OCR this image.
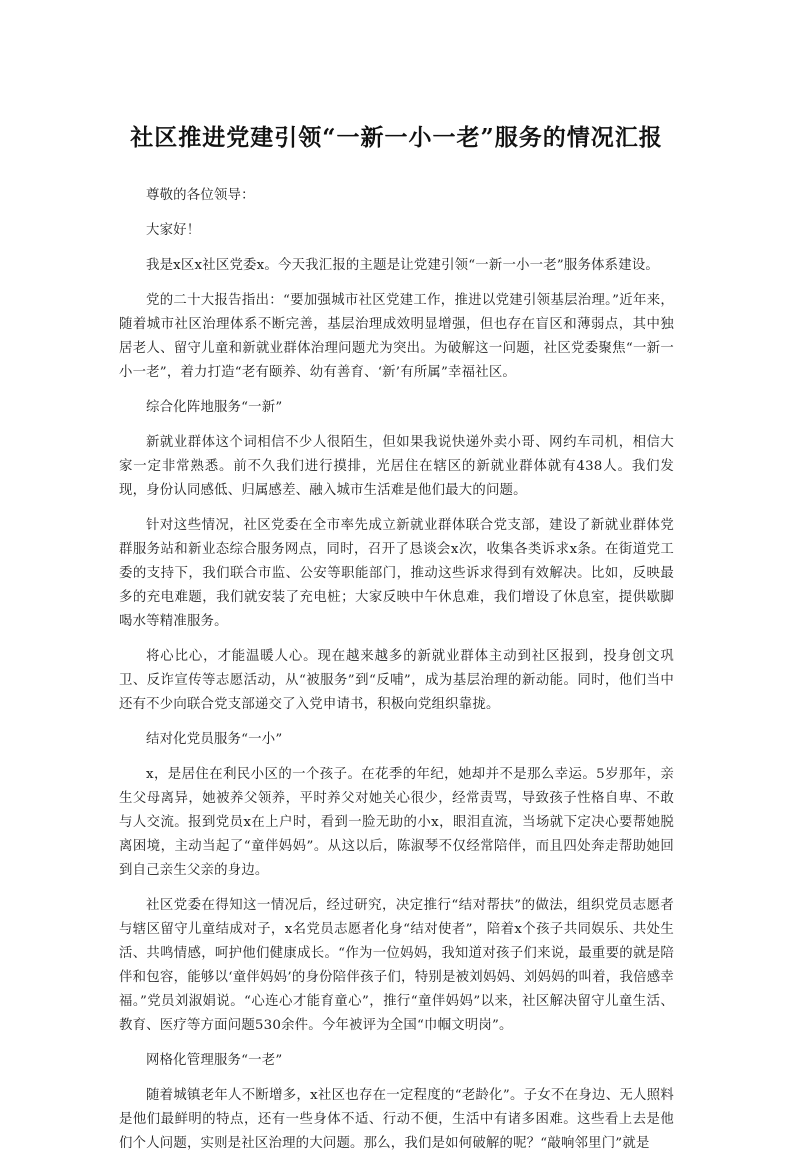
社区推进党建引领“一新一小一老”服务的情况汇报

尊敬的各位领导：

大家好！

我是x区x社区党委x。今天我汇报的主题是让党建引领“一新一小一老”服务体系建设。

党的二十大报告指出：“要加强城市社区党建工作，推进以党建引领基层治理。”近年来，随着城市社区治理体系不断完善，基层治理成效明显增强，但也存在盲区和薄弱点，其中独居老人、留守儿童和新就业群体治理问题尤为突出。为破解这一问题，社区党委聚焦“一新一小一老”，着力打造“老有颐养、幼有善育、‘新’有所属”幸福社区。

综合化阵地服务“一新”

新就业群体这个词相信不少人很陌生，但如果我说快递外卖小哥、网约车司机，相信大家一定非常熟悉。前不久我们进行摸排，光居住在辖区的新就业群体就有438人。我们发现，身份认同感低、归属感差、融入城市生活难是他们最大的问题。

针对这些情况，社区党委在全市率先成立新就业群体联合党支部，建设了新就业群体党群服务站和新业态综合服务网点，同时，召开了恳谈会x次，收集各类诉求x条。在街道党工委的支持下，我们联合市监、公安等职能部门，推动这些诉求得到有效解决。比如，反映最多的充电难题，我们就安装了充电桩；大家反映中午休息难，我们增设了休息室，提供歇脚喝水等精准服务。

将心比心，才能温暖人心。现在越来越多的新就业群体主动到社区报到，投身创文巩卫、反诈宣传等志愿活动，从“被服务”到“反哺”，成为基层治理的新动能。同时，他们当中还有不少向联合党支部递交了入党申请书，积极向党组织靠拢。

结对化党员服务“一小”

x，是居住在利民小区的一个孩子。在花季的年纪，她却并不是那么幸运。5岁那年，亲生父母离异，她被养父领养，平时养父对她关心很少，经常责骂，导致孩子性格自卑、不敢与人交流。报到党员x在上户时，看到一脸无助的小x，眼泪直流，当场就下定决心要帮她脱离困境，主动当起了“童伴妈妈”。从这以后，陈淑琴不仅经常陪伴，而且四处奔走帮助她回到自己亲生父亲的身边。

社区党委在得知这一情况后，经过研究，决定推行“结对帮扶”的做法，组织党员志愿者与辖区留守儿童结成对子，x名党员志愿者化身“结对使者”，陪着x个孩子共同娱乐、共处生活、共鸣情感，呵护他们健康成长。“作为一位妈妈，我知道对孩子们来说，最重要的就是陪伴和包容，能够以‘童伴妈妈’的身份陪伴孩子们，特别是被刘妈妈、刘妈妈的叫着，我倍感幸福。”党员刘淑娟说。“心连心才能育童心”，推行“童伴妈妈”以来，社区解决留守儿童生活、教育、医疗等方面问题530余件。今年被评为全国“巾帼文明岗”。

网格化管理服务“一老”

随着城镇老年人不断增多，x社区也存在一定程度的“老龄化”。子女不在身边、无人照料是他们最鲜明的特点，还有一些身体不适、行动不便，生活中有诸多困难。这些看上去是他们个人问题，实则是社区治理的大问题。那么，我们是如何破解的呢？“敲响邻里门”就是
